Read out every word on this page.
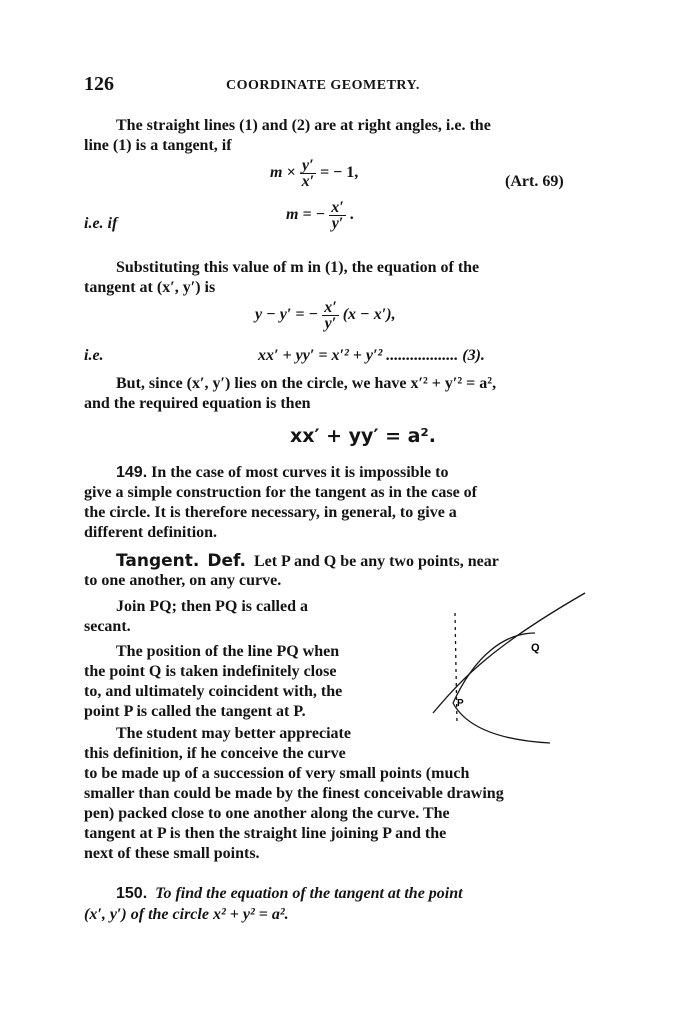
126	COORDINATE GEOMETRY.
The straight lines (1) and (2) are at right angles, i.e. the
line (1) is a tangent, if
$m \times \frac{y'}{x'}$ = − 1,
(Art. 69)
i.e. if
m = − $\frac{x'}{y'}$ .
Substituting this value of m in (1), the equation of the
tangent at (x′, y′) is
y − y′ = − $\frac{x'}{y'} (x - x')$,
i.e.	xx′ + yy′ = x′² + y′² .................. (3).
But, since (x′, y′) lies on the circle, we have x′² + y′² = a²,
and the required equation is then
xx′ + yy′ = a².
149. In the case of most curves it is impossible to
give a simple construction for the tangent as in the case of
the circle. It is therefore necessary, in general, to give a
different definition.
Tangent. Def. Let P and Q be any two points, near
to one another, on any curve.
Join PQ; then PQ is called a
secant.
The position of the line PQ when
the point Q is taken indefinitely close
to, and ultimately coincident with, the
point P is called the tangent at P.
The student may better appreciate
this definition, if he conceive the curve
to be made up of a succession of very small points (much
smaller than could be made by the finest conceivable drawing
pen) packed close to one another along the curve. The
tangent at P is then the straight line joining P and the
next of these small points.
Q
P
150. To find the equation of the tangent at the point
(x′, y′) of the circle x² + y² = a².
